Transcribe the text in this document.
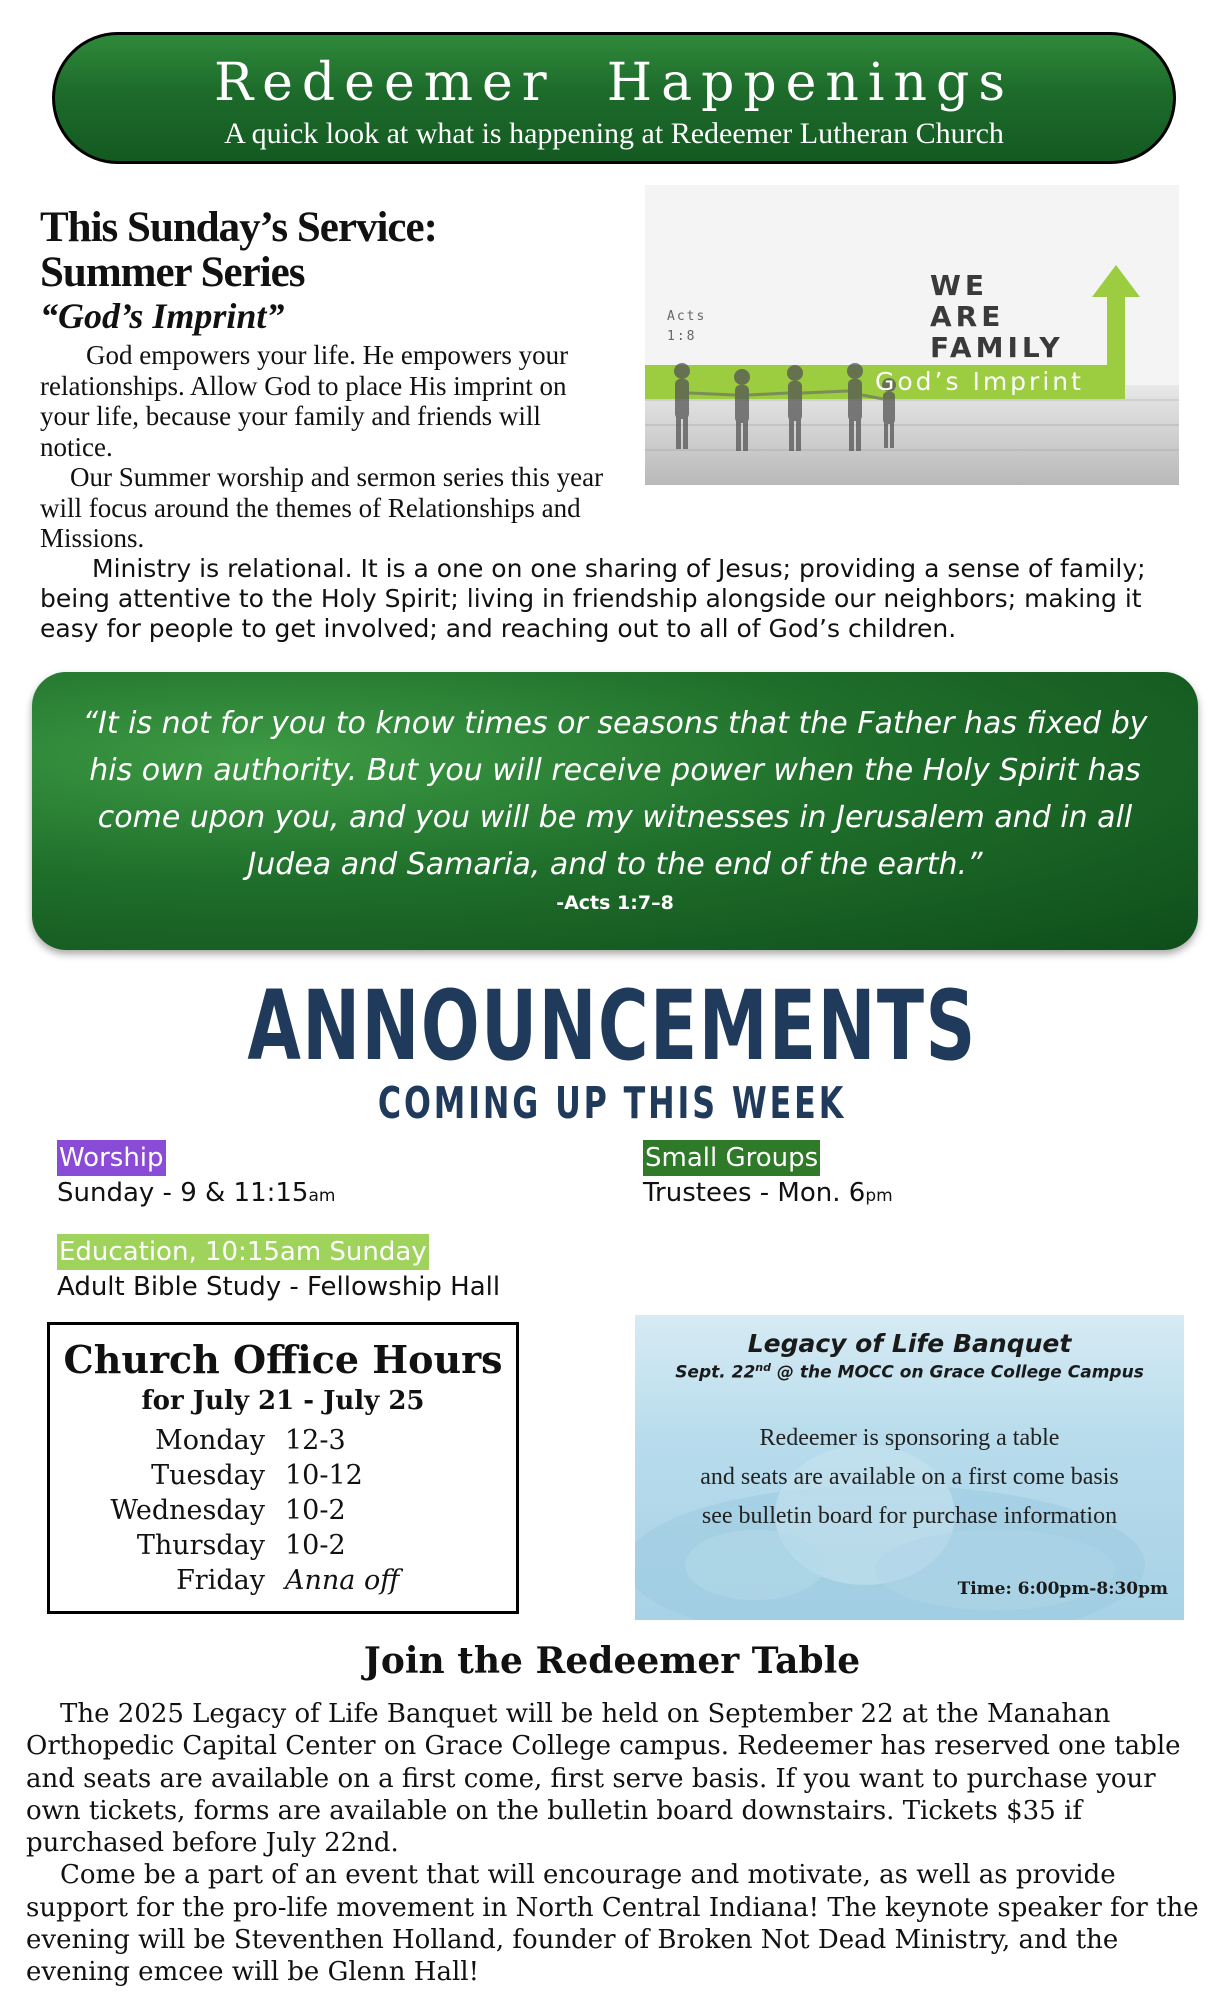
Redeemer  Happenings
A quick look at what is happening at Redeemer Lutheran Church
This Sunday’s Service:
Summer Series
“God’s Imprint”

God empowers your life. He empowers your relationships. Allow God to place His imprint on your life, because your family and friends will notice.

Our Summer worship and sermon series this year will focus around the themes of Relationships and Missions.

Ministry is relational. It is a one on one sharing of Jesus; providing a sense of family; being attentive to the Holy Spirit; living in friendship alongside our neighbors; making it easy for people to get involved; and reaching out to all of God’s children.

Acts
1:8
WE
ARE
FAMILY
God’s Imprint
“It is not for you to know times or seasons that the Father has fixed by his own authority. But you will receive power when the Holy Spirit has come upon you, and you will be my witnesses in Jerusalem and in all Judea and Samaria, and to the end of the earth.”
-Acts 1:7–8
ANNOUNCEMENTS
COMING UP THIS WEEK
Worship
Sunday - 9 & 11:15am
Small Groups
Trustees - Mon. 6pm
Education, 10:15am Sunday
Adult Bible Study - Fellowship Hall
Church Office Hours
for July 21 - July 25
Monday 12-3
Tuesday 10-12
Wednesday 10-2
Thursday 10-2
Friday Anna off
Legacy of Life Banquet
Sept. 22nd @ the MOCC on Grace College Campus
Redeemer is sponsoring a table
and seats are available on a first come basis
see bulletin board for purchase information
Time: 6:00pm-8:30pm
Join the Redeemer Table

The 2025 Legacy of Life Banquet will be held on September 22 at the Manahan Orthopedic Capital Center on Grace College campus. Redeemer has reserved one table and seats are available on a first come, first serve basis. If you want to purchase your own tickets, forms are available on the bulletin board downstairs. Tickets $35 if purchased before July 22nd.

Come be a part of an event that will encourage and motivate, as well as provide support for the pro-life movement in North Central Indiana! The keynote speaker for the evening will be Steventhen Holland, founder of Broken Not Dead Ministry, and the evening emcee will be Glenn Hall!
